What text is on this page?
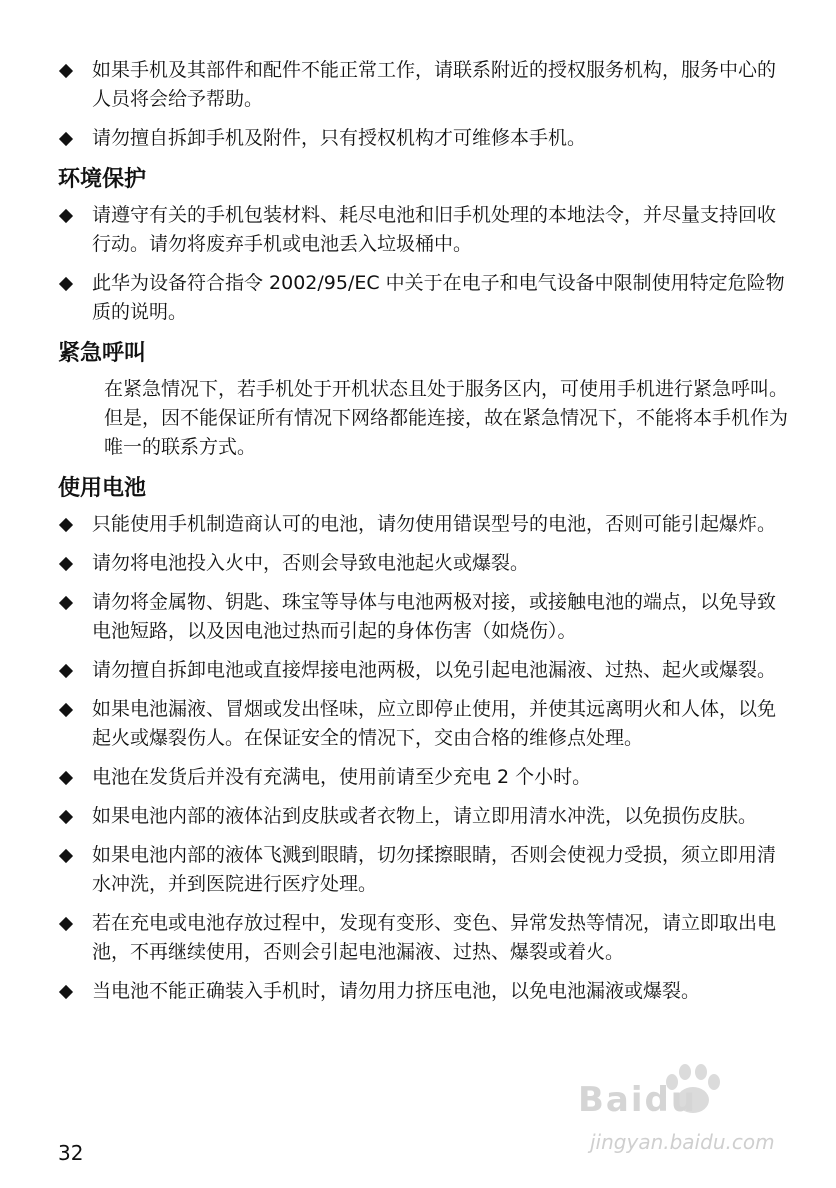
如果手机及其部件和配件不能正常工作，请联系附近的授权服务机构，服务中心的人员将会给予帮助。
请勿擅自拆卸手机及附件，只有授权机构才可维修本手机。
环境保护
请遵守有关的手机包装材料、耗尽电池和旧手机处理的本地法令，并尽量支持回收行动。请勿将废弃手机或电池丢入垃圾桶中。
此华为设备符合指令 2002/95/EC 中关于在电子和电气设备中限制使用特定危险物质的说明。
紧急呼叫
在紧急情况下，若手机处于开机状态且处于服务区内，可使用手机进行紧急呼叫。但是，因不能保证所有情况下网络都能连接，故在紧急情况下，不能将本手机作为唯一的联系方式。
使用电池
只能使用手机制造商认可的电池，请勿使用错误型号的电池，否则可能引起爆炸。
请勿将电池投入火中，否则会导致电池起火或爆裂。
请勿将金属物、钥匙、珠宝等导体与电池两极对接，或接触电池的端点，以免导致电池短路，以及因电池过热而引起的身体伤害（如烧伤）。
请勿擅自拆卸电池或直接焊接电池两极，以免引起电池漏液、过热、起火或爆裂。
如果电池漏液、冒烟或发出怪味，应立即停止使用，并使其远离明火和人体，以免起火或爆裂伤人。在保证安全的情况下，交由合格的维修点处理。
电池在发货后并没有充满电，使用前请至少充电 2 个小时。
如果电池内部的液体沾到皮肤或者衣物上，请立即用清水冲洗，以免损伤皮肤。
如果电池内部的液体飞溅到眼睛，切勿揉擦眼睛，否则会使视力受损，须立即用清水冲洗，并到医院进行医疗处理。
若在充电或电池存放过程中，发现有变形、变色、异常发热等情况，请立即取出电池，不再继续使用，否则会引起电池漏液、过热、爆裂或着火。
当电池不能正确装入手机时，请勿用力挤压电池，以免电池漏液或爆裂。
32
Baidu
jingyan.baidu.com
